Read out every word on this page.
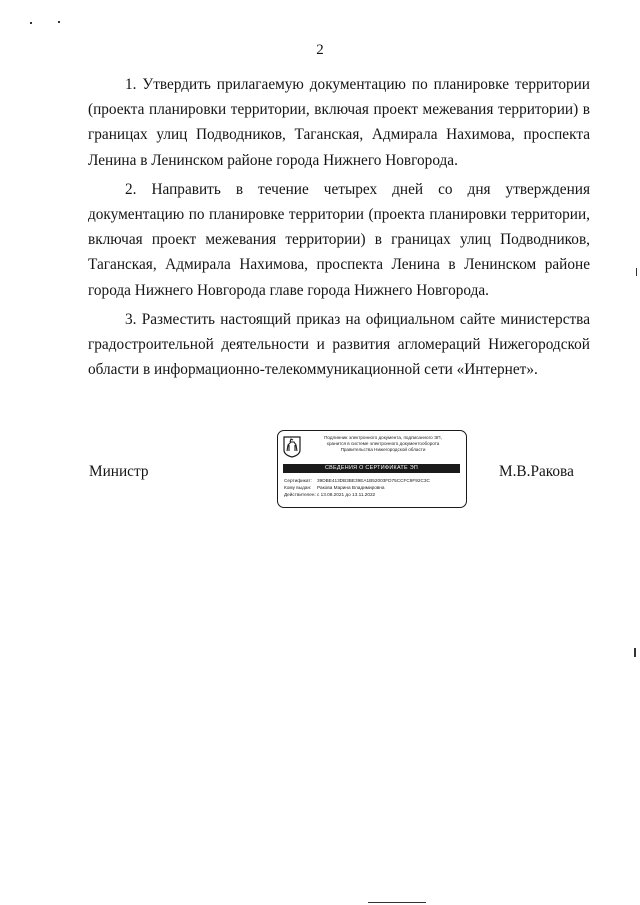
2

1. Утвердить прилагаемую документацию по планировке территории (проекта планировки территории, включая проект межевания территории) в границах улиц Подводников, Таганская, Адмирала Нахимова, проспекта Ленина в Ленинском районе города Нижнего Новгорода.

2. Направить в течение четырех дней со дня утверждения документацию по планировке территории (проекта планировки территории, включая проект межевания территории) в границах улиц Подводников, Таганская, Адмирала Нахимова, проспекта Ленина в Ленинском районе города Нижнего Новгорода главе города Нижнего Новгорода.

3. Разместить настоящий приказ на официальном сайте министерства градостроительной деятельности и развития агломераций Нижегородской области в информационно-телекоммуникационной сети «Интернет».

Министр	М.В.Ракова
Подлинник электронного документа, подписанного ЭП,
хранится в системе электронного документооборота
Правительства Нижегородской области
СВЕДЕНИЯ О СЕРТИФИКАТЕ ЭП
Сертификат:	39DBE413DB3BE39EA1B52003FD75CCFC9F92C3C
Кому выдан:	Ракова Марина Владимировна
Действителен: с 13.08.2021 до 13.11.2022
